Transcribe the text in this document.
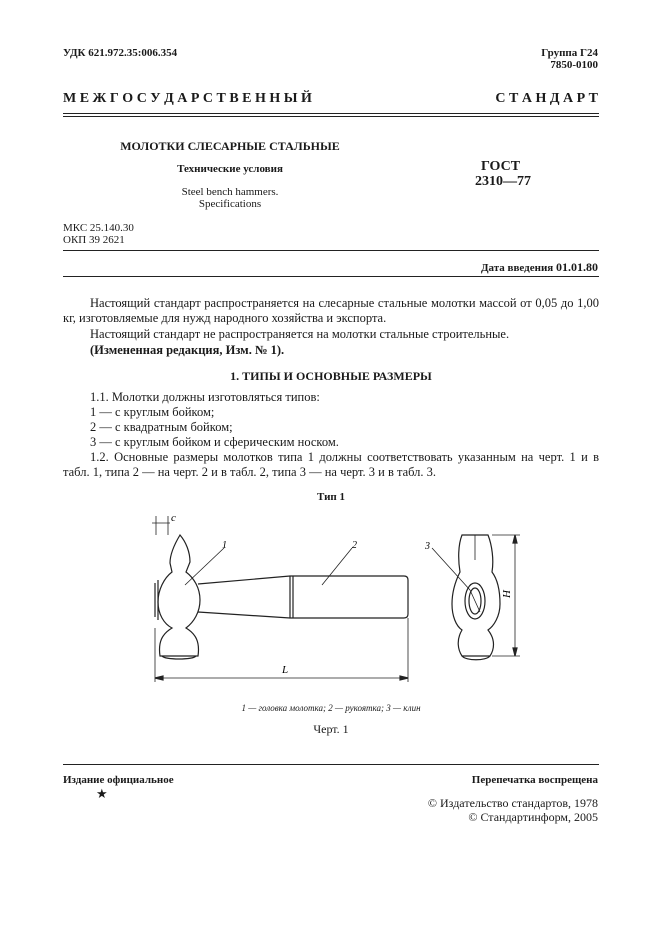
УДК 621.972.35:006.354	Группа Г24
7850-0100
М Е Ж Г О С У Д А Р С Т В Е Н Н Ы Й	С Т А Н Д А Р Т
МОЛОТКИ СЛЕСАРНЫЕ СТАЛЬНЫЕ
Технические условия
Steel bench hammers.
Specifications
ГОСТ
2310—77
МКС 25.140.30
ОКП 39 2621
Дата введения 01.01.80
Настоящий стандарт распространяется на слесарные стальные молотки массой от 0,05 до 1,00 кг, изготовляемые для нужд народного хозяйства и экспорта.
Настоящий стандарт не распространяется на молотки стальные строительные.
(Измененная редакция, Изм. № 1).
1. ТИПЫ И ОСНОВНЫЕ РАЗМЕРЫ
1.1. Молотки должны изготовляться типов:
1 — с круглым бойком;
2 — с квадратным бойком;
3 — с круглым бойком и сферическим носком.
1.2. Основные размеры молотков типа 1 должны соответствовать указанным на черт. 1 и в табл. 1, типа 2 — на черт. 2 и в табл. 2, типа 3 — на черт. 3 и в табл. 3.
Тип 1
c
1	2	3
L
H
1 — головка молотка; 2 — рукоятка; 3 — клин
Черт. 1
Издание официальное
★
Перепечатка воспрещена
© Издательство стандартов, 1978
© Стандартинформ, 2005
